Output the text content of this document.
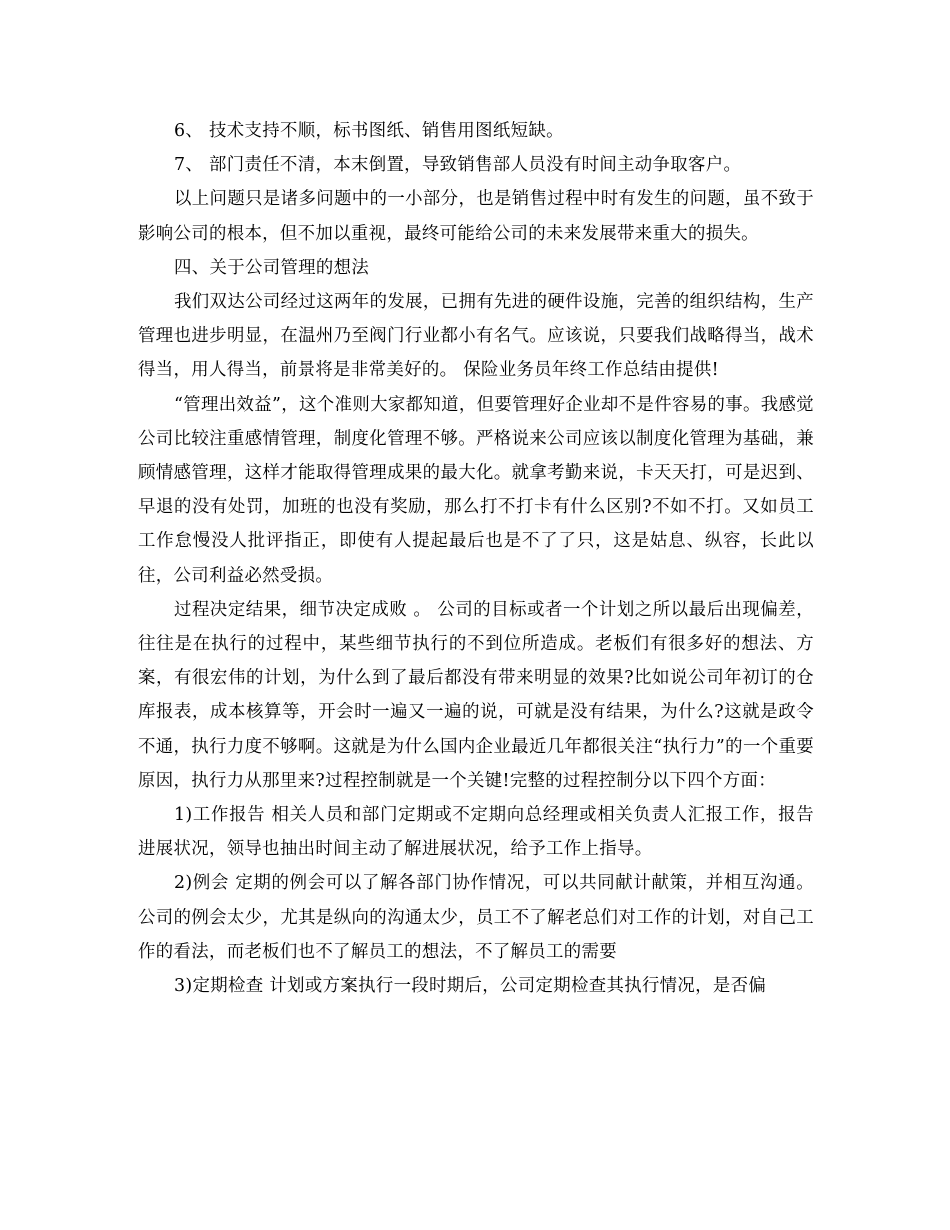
6、 技术支持不顺，标书图纸、销售用图纸短缺。

7、 部门责任不清，本末倒置，导致销售部人员没有时间主动争取客户。

以上问题只是诸多问题中的一小部分，也是销售过程中时有发生的问题，虽不致于影响公司的根本，但不加以重视，最终可能给公司的未来发展带来重大的损失。

四、关于公司管理的想法

我们双达公司经过这两年的发展，已拥有先进的硬件设施，完善的组织结构，生产管理也进步明显，在温州乃至阀门行业都小有名气。应该说，只要我们战略得当，战术得当，用人得当，前景将是非常美好的。 保险业务员年终工作总结由提供!

“管理出效益”，这个准则大家都知道，但要管理好企业却不是件容易的事。我感觉公司比较注重感情管理，制度化管理不够。严格说来公司应该以制度化管理为基础，兼顾情感管理，这样才能取得管理成果的最大化。就拿考勤来说，卡天天打，可是迟到、早退的没有处罚，加班的也没有奖励，那么打不打卡有什么区别?不如不打。又如员工工作怠慢没人批评指正，即使有人提起最后也是不了了只，这是姑息、纵容，长此以往，公司利益必然受损。

过程决定结果，细节决定成败 。 公司的目标或者一个计划之所以最后出现偏差，往往是在执行的过程中，某些细节执行的不到位所造成。老板们有很多好的想法、方案，有很宏伟的计划，为什么到了最后都没有带来明显的效果?比如说公司年初订的仓库报表，成本核算等，开会时一遍又一遍的说，可就是没有结果，为什么?这就是政令不通，执行力度不够啊。这就是为什么国内企业最近几年都很关注“执行力”的一个重要原因，执行力从那里来?过程控制就是一个关键!完整的过程控制分以下四个方面：

1)工作报告 相关人员和部门定期或不定期向总经理或相关负责人汇报工作，报告进展状况，领导也抽出时间主动了解进展状况，给予工作上指导。

2)例会 定期的例会可以了解各部门协作情况，可以共同献计献策，并相互沟通。公司的例会太少，尤其是纵向的沟通太少，员工不了解老总们对工作的计划，对自己工作的看法，而老板们也不了解员工的想法，不了解员工的需要

3)定期检查 计划或方案执行一段时期后，公司定期检查其执行情况，是否偏
